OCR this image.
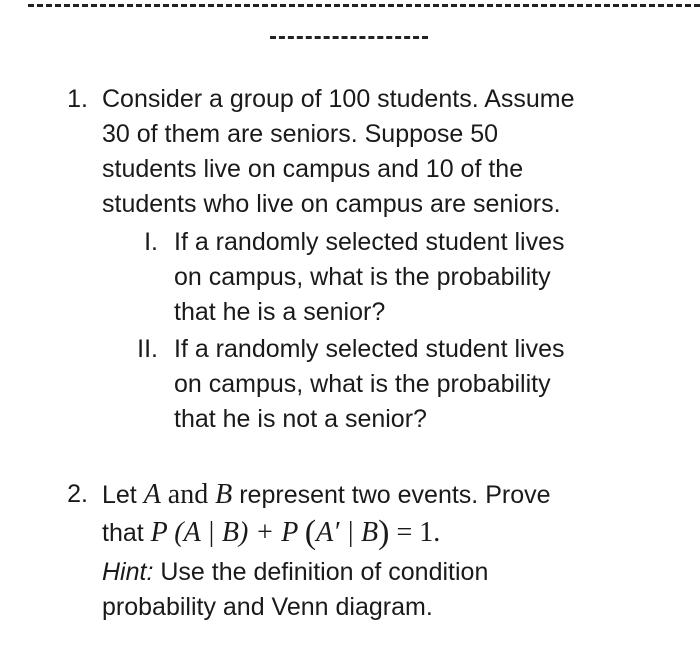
1. Consider a group of 100 students. Assume
30 of them are seniors. Suppose 50
students live on campus and 10 of the
students who live on campus are seniors.
I. If a randomly selected student lives
on campus, what is the probability
that he is a senior?
II. If a randomly selected student lives
on campus, what is the probability
that he is not a senior?
2. Let A and B represent two events. Prove
that P (A | B) + P (A′ | B) = 1.
Hint: Use the definition of condition
probability and Venn diagram.
